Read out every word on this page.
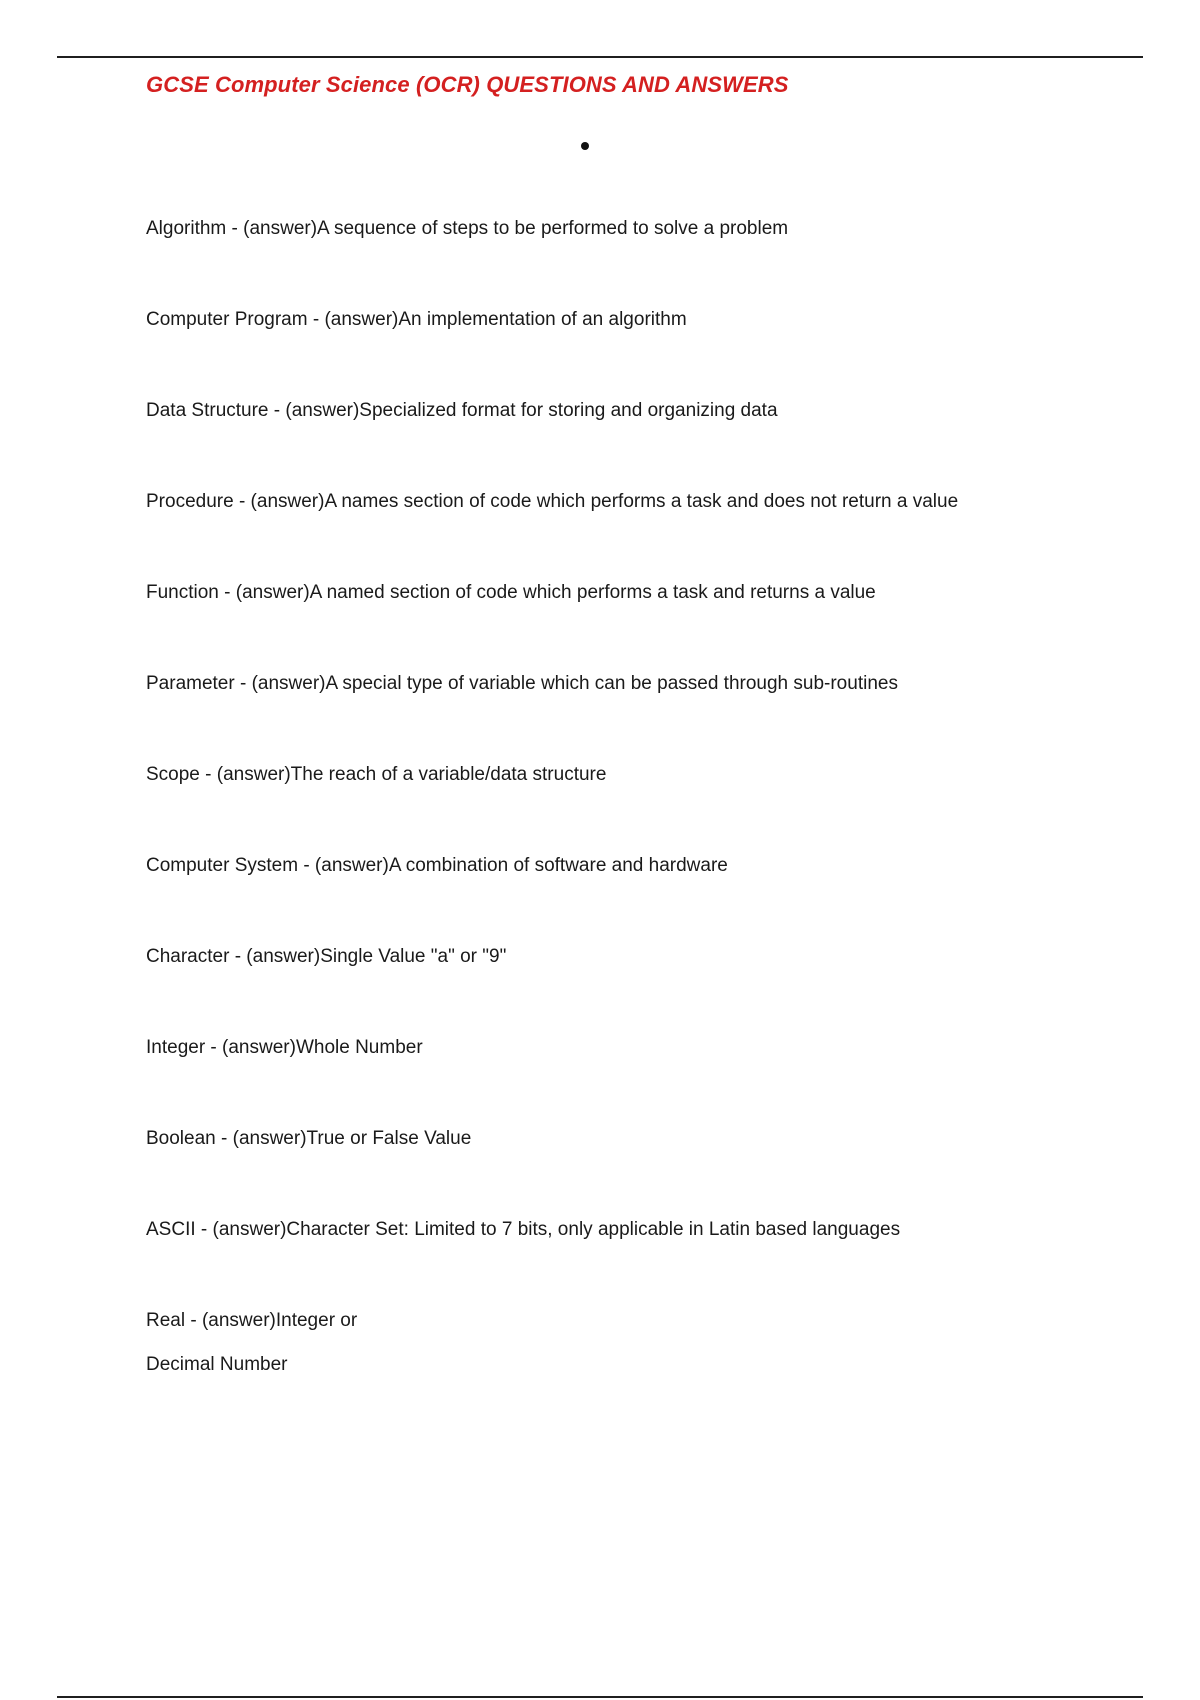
GCSE Computer Science (OCR) QUESTIONS AND ANSWERS
Algorithm - (answer)A sequence of steps to be performed to solve a problem
Computer Program - (answer)An implementation of an algorithm
Data Structure - (answer)Specialized format for storing and organizing data
Procedure - (answer)A names section of code which performs a task and does not return a value
Function - (answer)A named section of code which performs a task and returns a value
Parameter - (answer)A special type of variable which can be passed through sub-routines
Scope - (answer)The reach of a variable/data structure
Computer System - (answer)A combination of software and hardware
Character - (answer)Single Value "a" or "9"
Integer - (answer)Whole Number
Boolean - (answer)True or False Value
ASCII - (answer)Character Set: Limited to 7 bits, only applicable in Latin based languages
Real - (answer)Integer or
Decimal Number
